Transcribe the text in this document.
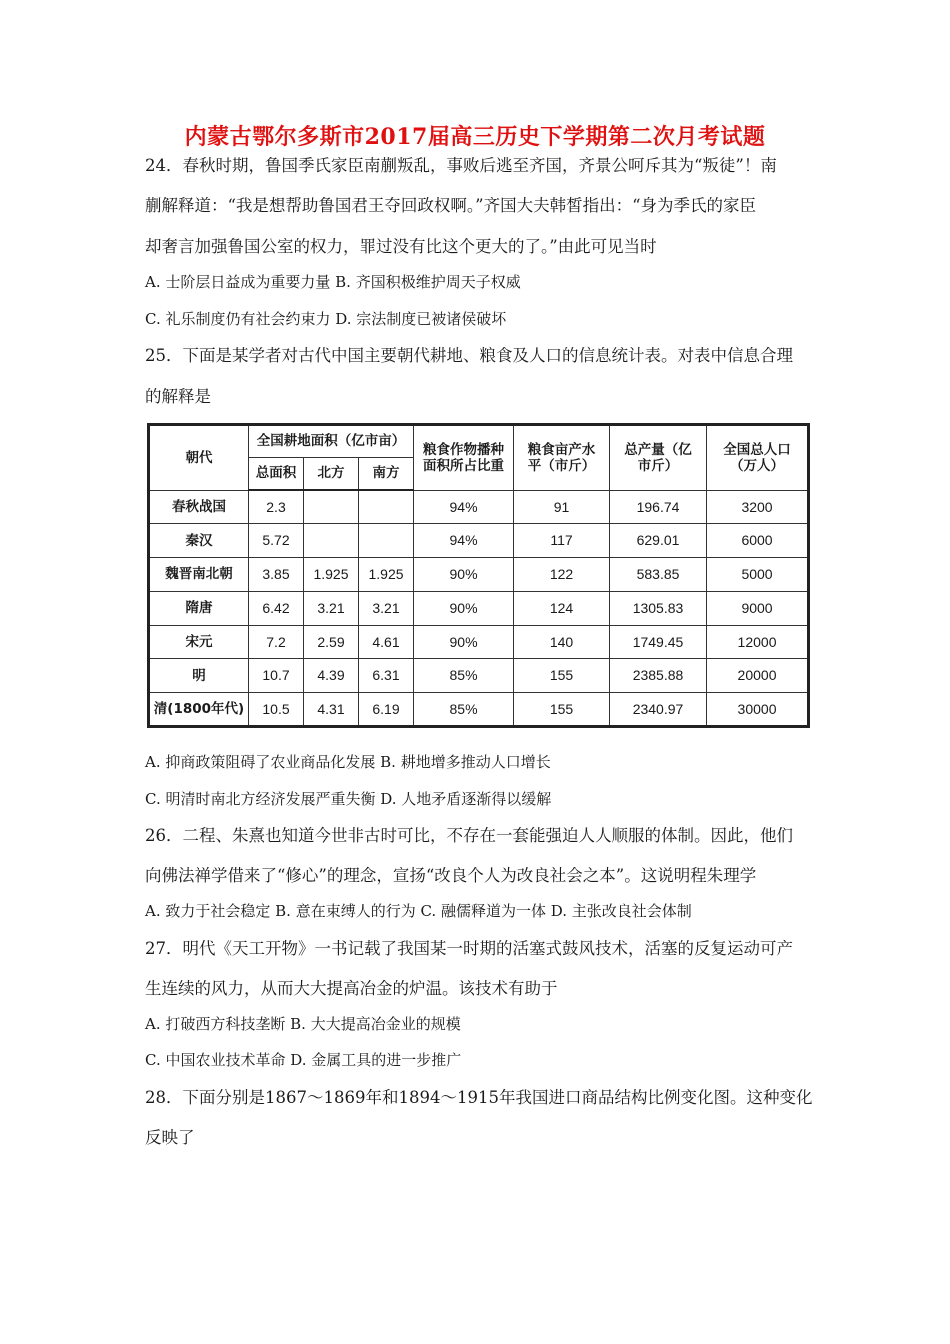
内蒙古鄂尔多斯市2017届高三历史下学期第二次月考试题
24．春秋时期，鲁国季氏家臣南蒯叛乱，事败后逃至齐国，齐景公呵斥其为“叛徒”！南
蒯解释道：“我是想帮助鲁国君王夺回政权啊。”齐国大夫韩皙指出：“身为季氏的家臣
却奢言加强鲁国公室的权力，罪过没有比这个更大的了。”由此可见当时
A. 士阶层日益成为重要力量 B. 齐国积极维护周天子权威
C. 礼乐制度仍有社会约束力 D. 宗法制度已被诸侯破坏
25．下面是某学者对古代中国主要朝代耕地、粮食及人口的信息统计表。对表中信息合理
的解释是
朝代	全国耕地面积（亿市亩）			粮食作物播种面积所占比重	粮食亩产水平（市斤）	总产量（亿市斤）	全国总人口（万人）
	总面积	北方	南方				
春秋战国	2.3			94%	91	196.74	3200
秦汉	5.72			94%	117	629.01	6000
魏晋南北朝	3.85	1.925	1.925	90%	122	583.85	5000
隋唐	6.42	3.21	3.21	90%	124	1305.83	9000
宋元	7.2	2.59	4.61	90%	140	1749.45	12000
明	10.7	4.39	6.31	85%	155	2385.88	20000
清(1800年代)	10.5	4.31	6.19	85%	155	2340.97	30000
A. 抑商政策阻碍了农业商品化发展 B. 耕地增多推动人口增长
C. 明清时南北方经济发展严重失衡 D. 人地矛盾逐渐得以缓解
26．二程、朱熹也知道今世非古时可比，不存在一套能强迫人人顺服的体制。因此，他们
向佛法禅学借来了“修心”的理念，宣扬“改良个人为改良社会之本”。这说明程朱理学
A. 致力于社会稳定 B. 意在束缚人的行为 C. 融儒释道为一体 D. 主张改良社会体制
27．明代《天工开物》一书记载了我国某一时期的活塞式鼓风技术，活塞的反复运动可产
生连续的风力，从而大大提高冶金的炉温。该技术有助于
A. 打破西方科技垄断 B. 大大提高冶金业的规模
C. 中国农业技术革命 D. 金属工具的进一步推广
28．下面分别是1867～1869年和1894～1915年我国进口商品结构比例变化图。这种变化
反映了
